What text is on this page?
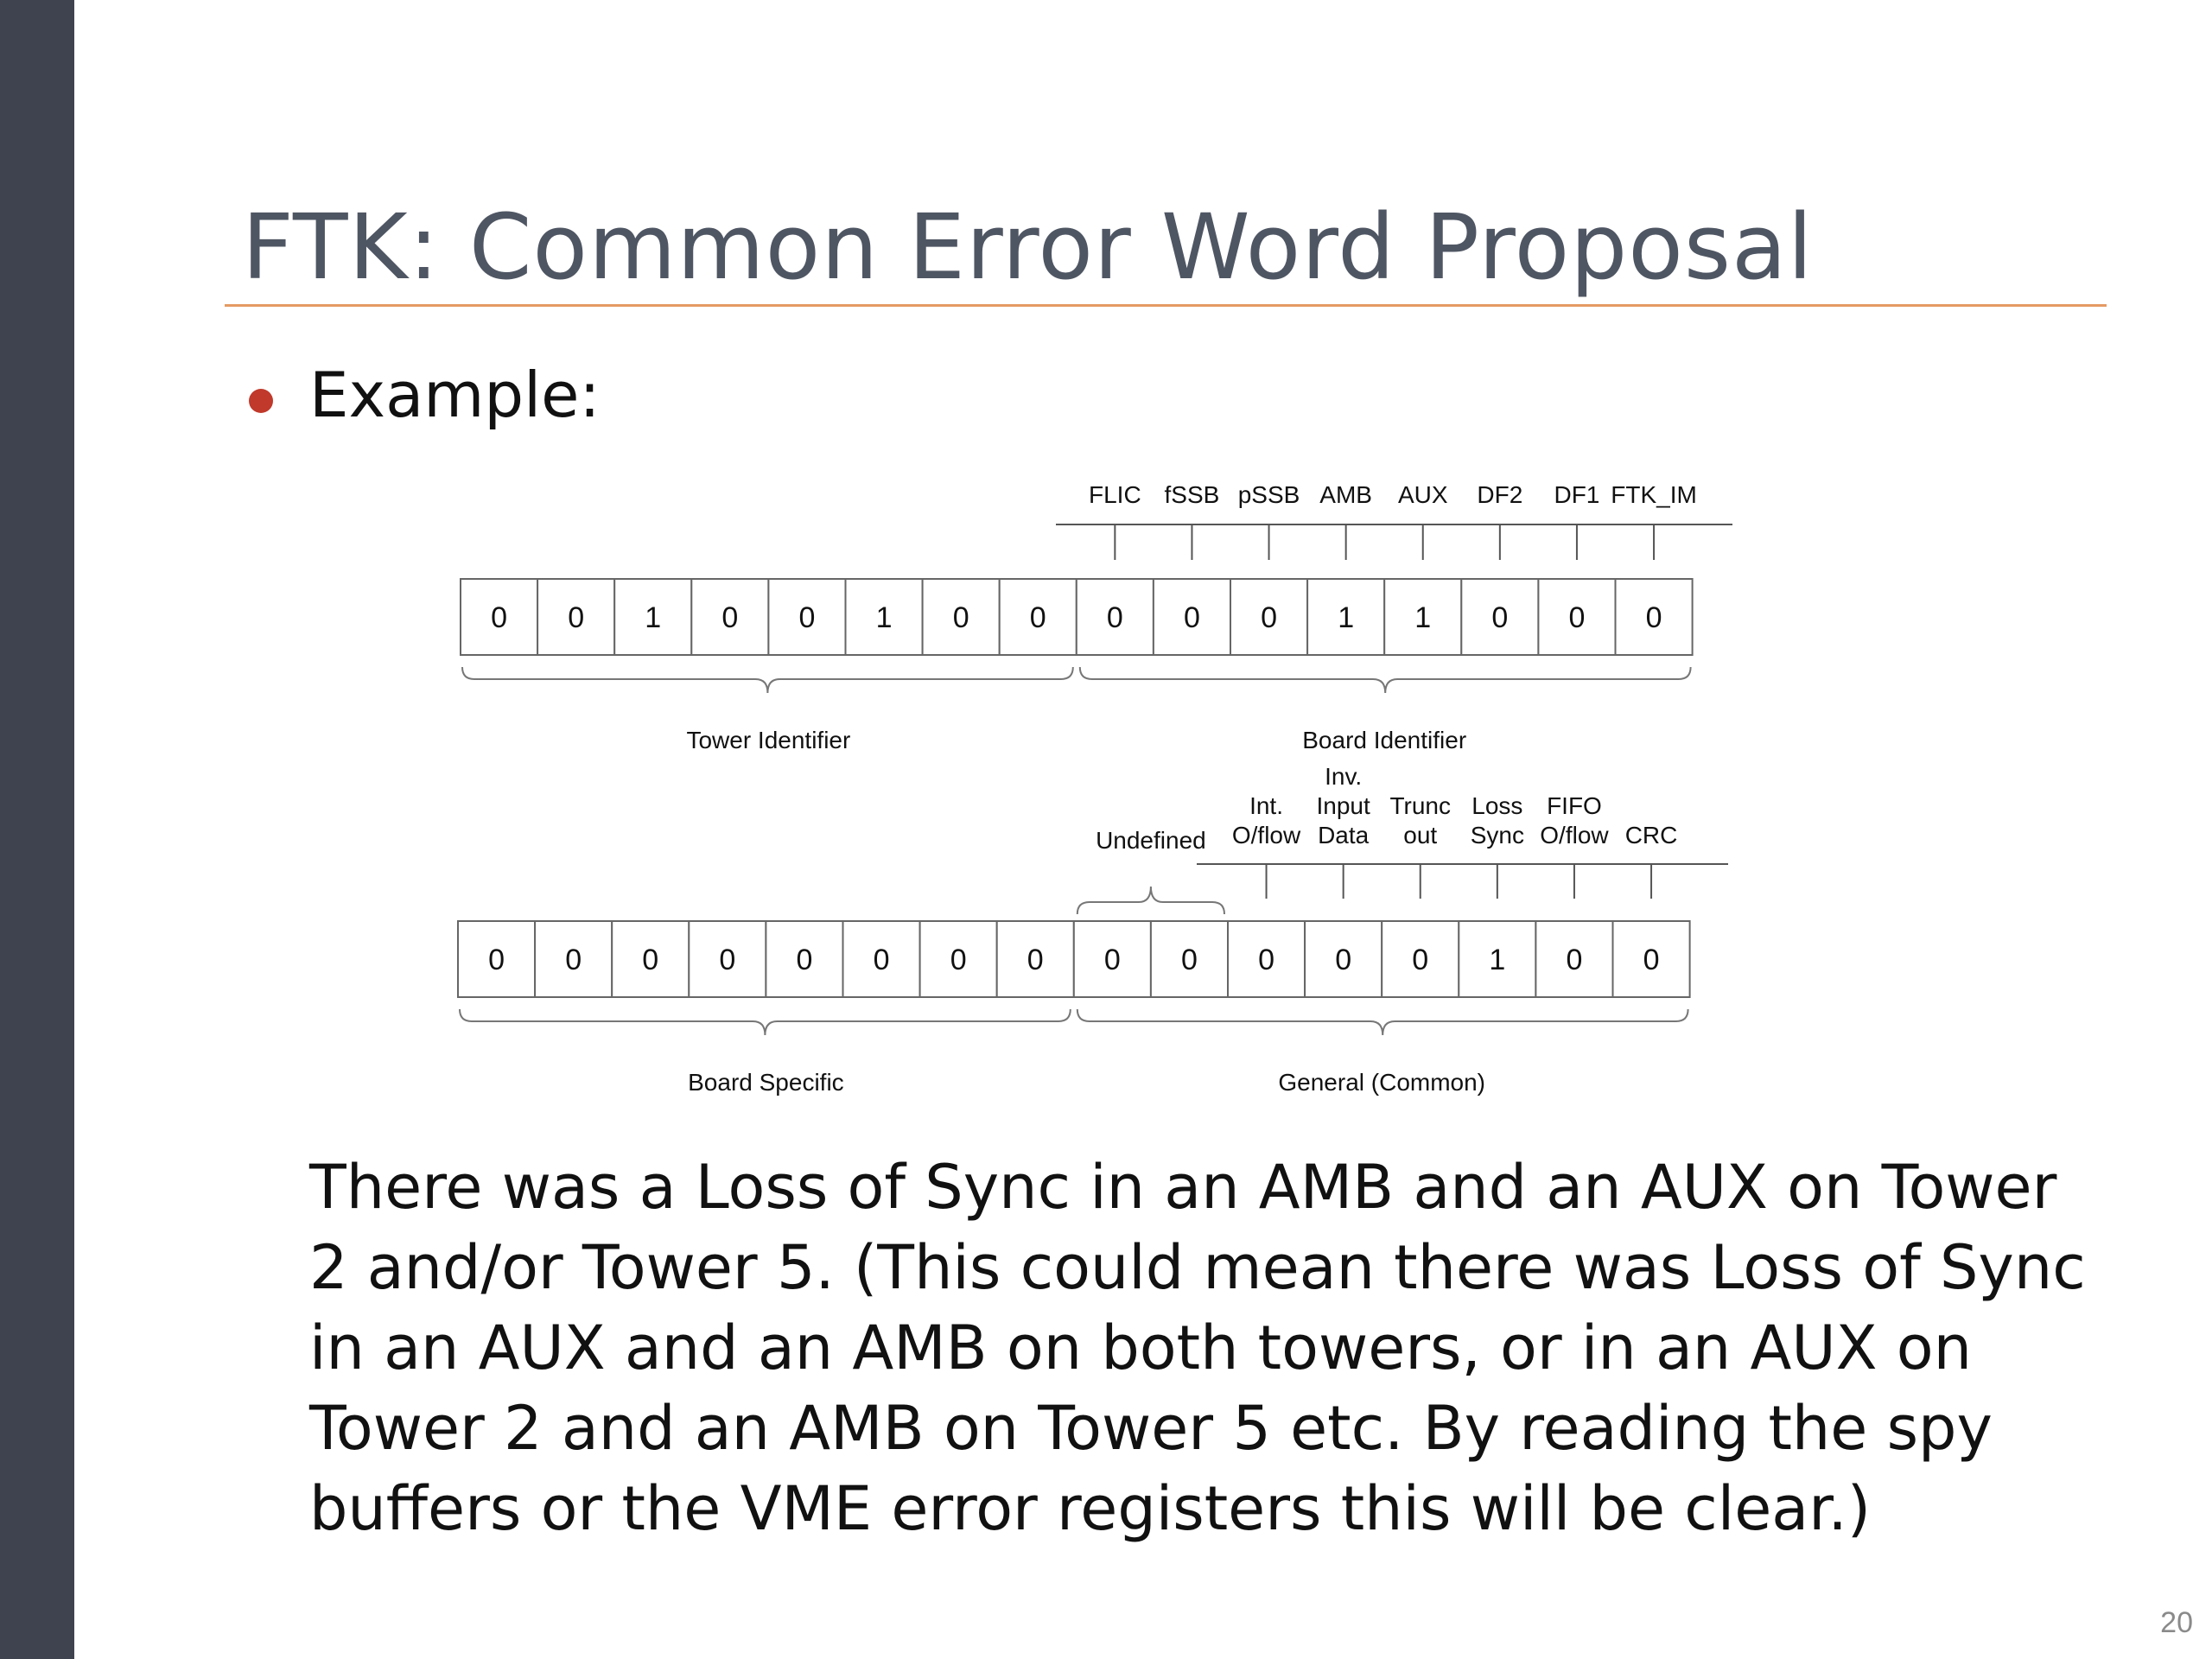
FTK: Common Error Word Proposal
Example:
0 0 1 0 0 1 0 0 0 0 0 1 1 0 0 0
FLIC fSSB pSSB AMB AUX DF2 DF1 FTK_IM
Tower Identifier	Board Identifier
0 0 0 0 0 0 0 0 0 0 0 0 0 1 0 0
Undefined
Int.
O/flow
Inv.
Input
Data
Trunc
out
Loss
Sync
FIFO
O/flow CRC
Board Specific	General (Common)

There was a Loss of Sync in an AMB and an AUX on Tower 2 and/or Tower 5. (This could mean there was Loss of Sync in an AUX and an AMB on both towers, or in an AUX on Tower 2 and an AMB on Tower 5 etc. By reading the spy buffers or the VME error registers this will be clear.)

20
